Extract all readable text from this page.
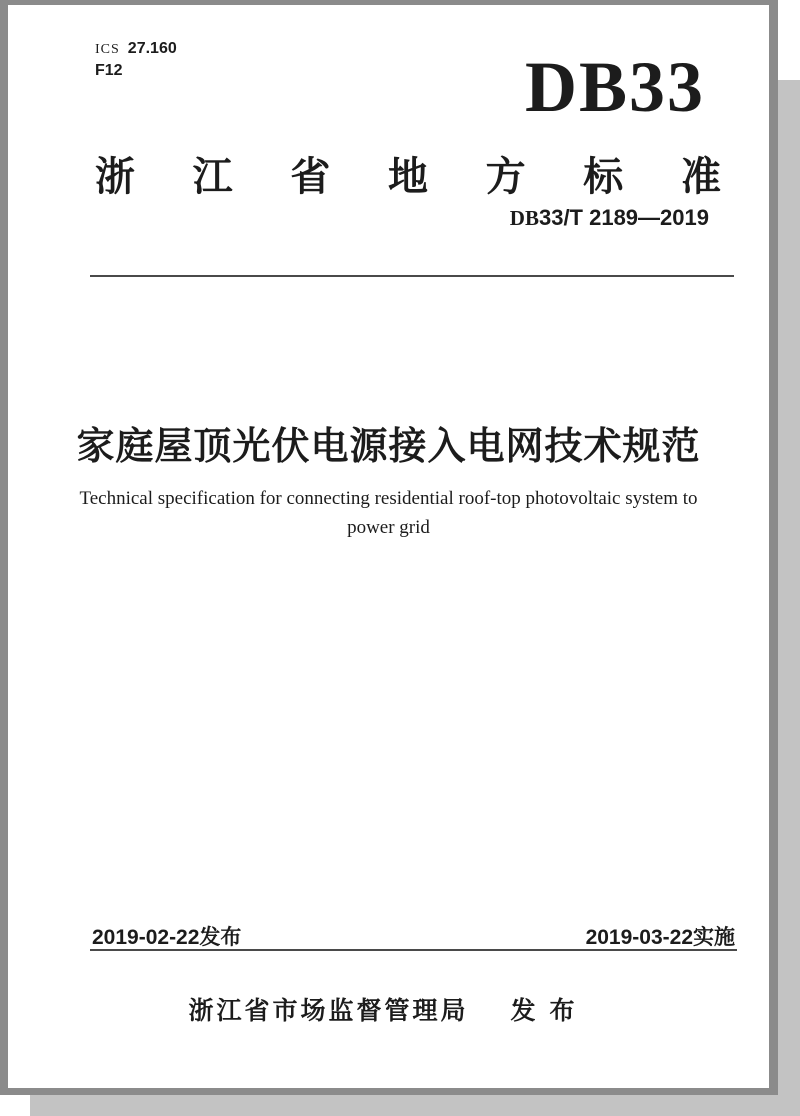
ICS 27.160
F12	DB33
浙 江 省 地 方 标 准
DB33/T 2189—2019
家庭屋顶光伏电源接入电网技术规范
Technical specification for connecting residential roof-top photovoltaic system to
power grid
2019-02-22发布	2019-03-22实施
浙江省市场监督管理局 发布
